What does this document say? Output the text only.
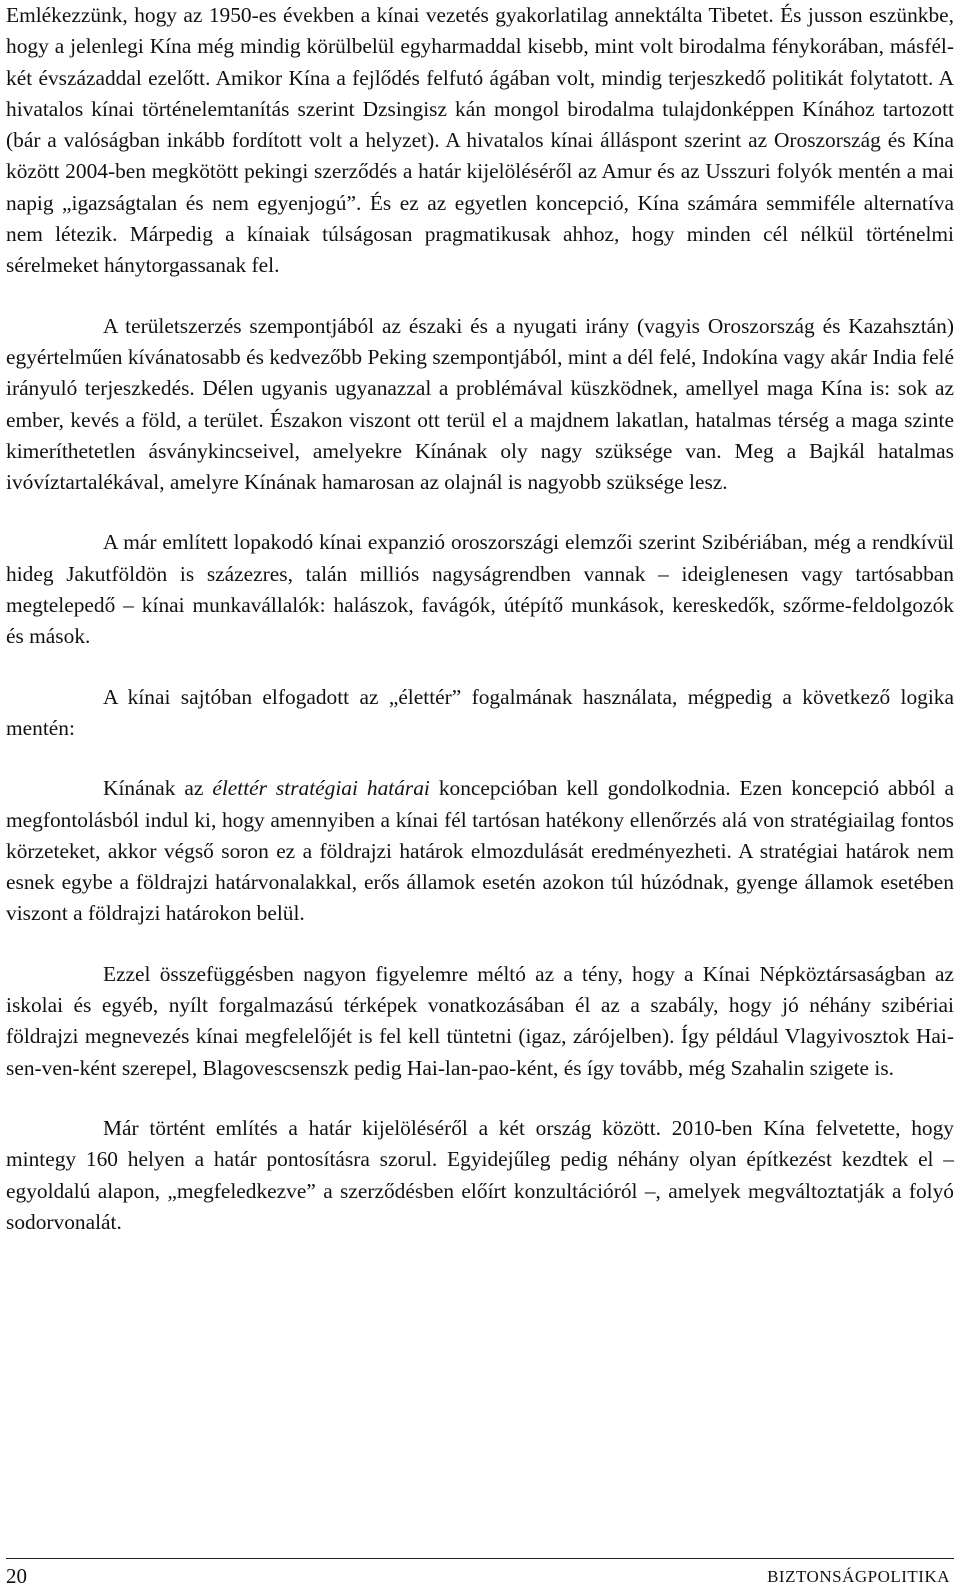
Emlékezzünk, hogy az 1950-es években a kínai vezetés gyakorlatilag annektálta Tibetet. És jusson eszünkbe, hogy a jelenlegi Kína még mindig körülbelül egyharmaddal kisebb, mint volt birodalma fénykorában, másfél-két évszázaddal ezelőtt. Amikor Kína a fejlődés felfutó ágában volt, mindig terjeszkedő politikát folytatott. A hivatalos kínai történelemtanítás szerint Dzsingisz kán mongol birodalma tulajdonképpen Kínához tartozott (bár a valóságban inkább fordított volt a helyzet). A hivatalos kínai álláspont szerint az Oroszország és Kína között 2004-ben megkötött pekingi szerződés a határ kijelöléséről az Amur és az Usszuri folyók mentén a mai napig „igazságtalan és nem egyenjogú”. És ez az egyetlen koncepció, Kína számára semmiféle alternatíva nem létezik. Márpedig a kínaiak túlságosan pragmatikusak ahhoz, hogy minden cél nélkül történelmi sérelmeket hánytorgassanak fel.

A területszerzés szempontjából az északi és a nyugati irány (vagyis Oroszország és Kazahsztán) egyértelműen kívánatosabb és kedvezőbb Peking szempontjából, mint a dél felé, Indokína vagy akár India felé irányuló terjeszkedés. Délen ugyanis ugyanazzal a problémával küszködnek, amellyel maga Kína is: sok az ember, kevés a föld, a terület. Északon viszont ott terül el a majdnem lakatlan, hatalmas térség a maga szinte kimeríthetetlen ásványkincseivel, amelyekre Kínának oly nagy szüksége van. Meg a Bajkál hatalmas ivóvíztartalékával, amelyre Kínának hamarosan az olajnál is nagyobb szüksége lesz.

A már említett lopakodó kínai expanzió oroszországi elemzői szerint Szibériában, még a rendkívül hideg Jakutföldön is százezres, talán milliós nagyságrendben vannak – ideiglenesen vagy tartósabban megtelepedő – kínai munkavállalók: halászok, favágók, útépítő munkások, kereskedők, szőrme-feldolgozók és mások.

A kínai sajtóban elfogadott az „élettér” fogalmának használata, mégpedig a következő logika mentén:

Kínának az élettér stratégiai határai koncepcióban kell gondolkodnia. Ezen koncepció abból a megfontolásból indul ki, hogy amennyiben a kínai fél tartósan hatékony ellenőrzés alá von stratégiailag fontos körzeteket, akkor végső soron ez a földrajzi határok elmozdulását eredményezheti. A stratégiai határok nem esnek egybe a földrajzi határvonalakkal, erős államok esetén azokon túl húzódnak, gyenge államok esetében viszont a földrajzi határokon belül.

Ezzel összefüggésben nagyon figyelemre méltó az a tény, hogy a Kínai Népköztársaságban az iskolai és egyéb, nyílt forgalmazású térképek vonatkozásában él az a szabály, hogy jó néhány szibériai földrajzi megnevezés kínai megfelelőjét is fel kell tüntetni (igaz, zárójelben). Így például Vlagyivosztok Hai-sen-ven-ként szerepel, Blagovescsenszk pedig Hai-lan-pao-ként, és így tovább, még Szahalin szigete is.

Már történt említés a határ kijelöléséről a két ország között. 2010-ben Kína felvetette, hogy mintegy 160 helyen a határ pontosításra szorul. Egyidejűleg pedig néhány olyan építkezést kezdtek el – egyoldalú alapon, „megfeledkezve” a szerződésben előírt konzultációról –, amelyek megváltoztatják a folyó sodorvonalát.

20	BIZTONSÁGPOLITIKA
